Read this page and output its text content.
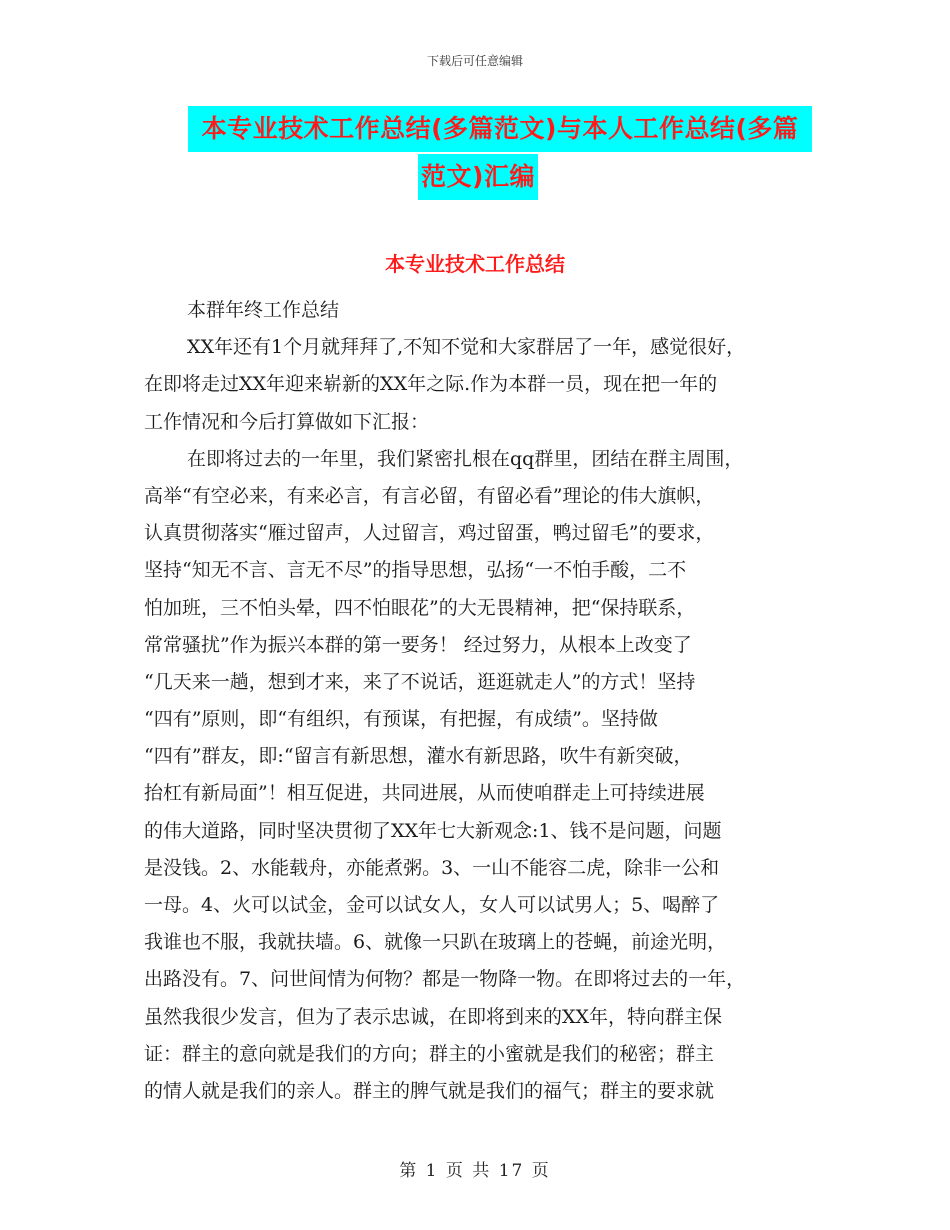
下载后可任意编辑
本专业技术工作总结(多篇范文)与本人工作总结(多篇
范文)汇编
本专业技术工作总结
本群年终工作总结
XX年还有1个月就拜拜了,不知不觉和大家群居了一年，感觉很好，
在即将走过XX年迎来崭新的XX年之际.作为本群一员，现在把一年的
工作情况和今后打算做如下汇报：
在即将过去的一年里，我们紧密扎根在qq群里，团结在群主周围，
高举“有空必来，有来必言，有言必留，有留必看”理论的伟大旗帜，
认真贯彻落实“雁过留声，人过留言，鸡过留蛋，鸭过留毛”的要求，
坚持“知无不言、言无不尽”的指导思想，弘扬“一不怕手酸，二不
怕加班，三不怕头晕，四不怕眼花”的大无畏精神，把“保持联系，
常常骚扰”作为振兴本群的第一要务！ 经过努力，从根本上改变了
“几天来一趟，想到才来，来了不说话，逛逛就走人”的方式！坚持
“四有”原则，即“有组织，有预谋，有把握，有成绩”。坚持做
“四有”群友，即:“留言有新思想，灌水有新思路，吹牛有新突破，
抬杠有新局面”！相互促进，共同进展，从而使咱群走上可持续进展
的伟大道路，同时坚决贯彻了XX年七大新观念:1、钱不是问题，问题
是没钱。2、水能载舟，亦能煮粥。3、一山不能容二虎，除非一公和
一母。4、火可以试金，金可以试女人，女人可以试男人；5、喝醉了
我谁也不服，我就扶墙。6、就像一只趴在玻璃上的苍蝇，前途光明，
出路没有。7、问世间情为何物？都是一物降一物。在即将过去的一年，
虽然我很少发言，但为了表示忠诚，在即将到来的XX年，特向群主保
证：群主的意向就是我们的方向；群主的小蜜就是我们的秘密；群主
的情人就是我们的亲人。群主的脾气就是我们的福气；群主的要求就
第 1 页 共 17 页
